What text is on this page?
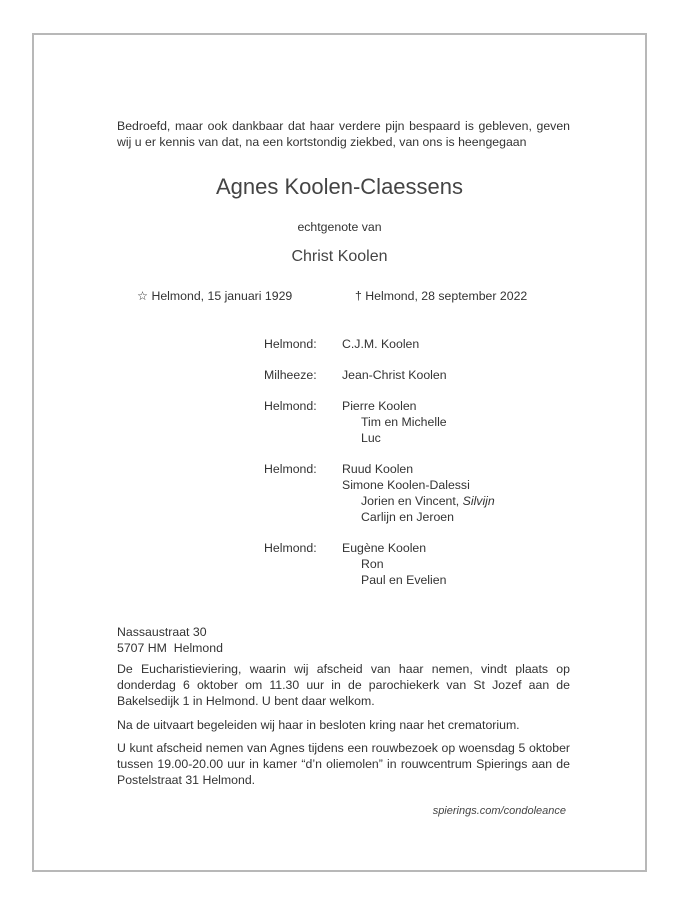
Bedroefd, maar ook dankbaar dat haar verdere pijn bespaard is gebleven, geven wij u er kennis van dat, na een kortstondig ziekbed, van ons is heengegaan

Agnes Koolen-Claessens
echtgenote van
Christ Koolen
☆ Helmond, 15 januari 1929	† Helmond, 28 september 2022
Helmond:	C.J.M. Koolen
Milheeze:	Jean-Christ Koolen
Helmond:	Pierre Koolen
Tim en Michelle
Luc
Helmond:	Ruud Koolen
Simone Koolen-Dalessi
Jorien en Vincent, Silvijn
Carlijn en Jeroen
Helmond:	Eugène Koolen
Ron
Paul en Evelien
Nassaustraat 30
5707 HM  Helmond

De Eucharistieviering, waarin wij afscheid van haar nemen, vindt plaats op donderdag 6 oktober om 11.30 uur in de parochiekerk van St Jozef aan de Bakelsedijk 1 in Helmond. U bent daar welkom.

Na de uitvaart begeleiden wij haar in besloten kring naar het crematorium.

U kunt afscheid nemen van Agnes tijdens een rouwbezoek op woensdag 5 oktober tussen 19.00-20.00 uur in kamer “d’n oliemolen” in rouwcentrum Spierings aan de Postelstraat 31 Helmond.

spierings.com/condoleance
